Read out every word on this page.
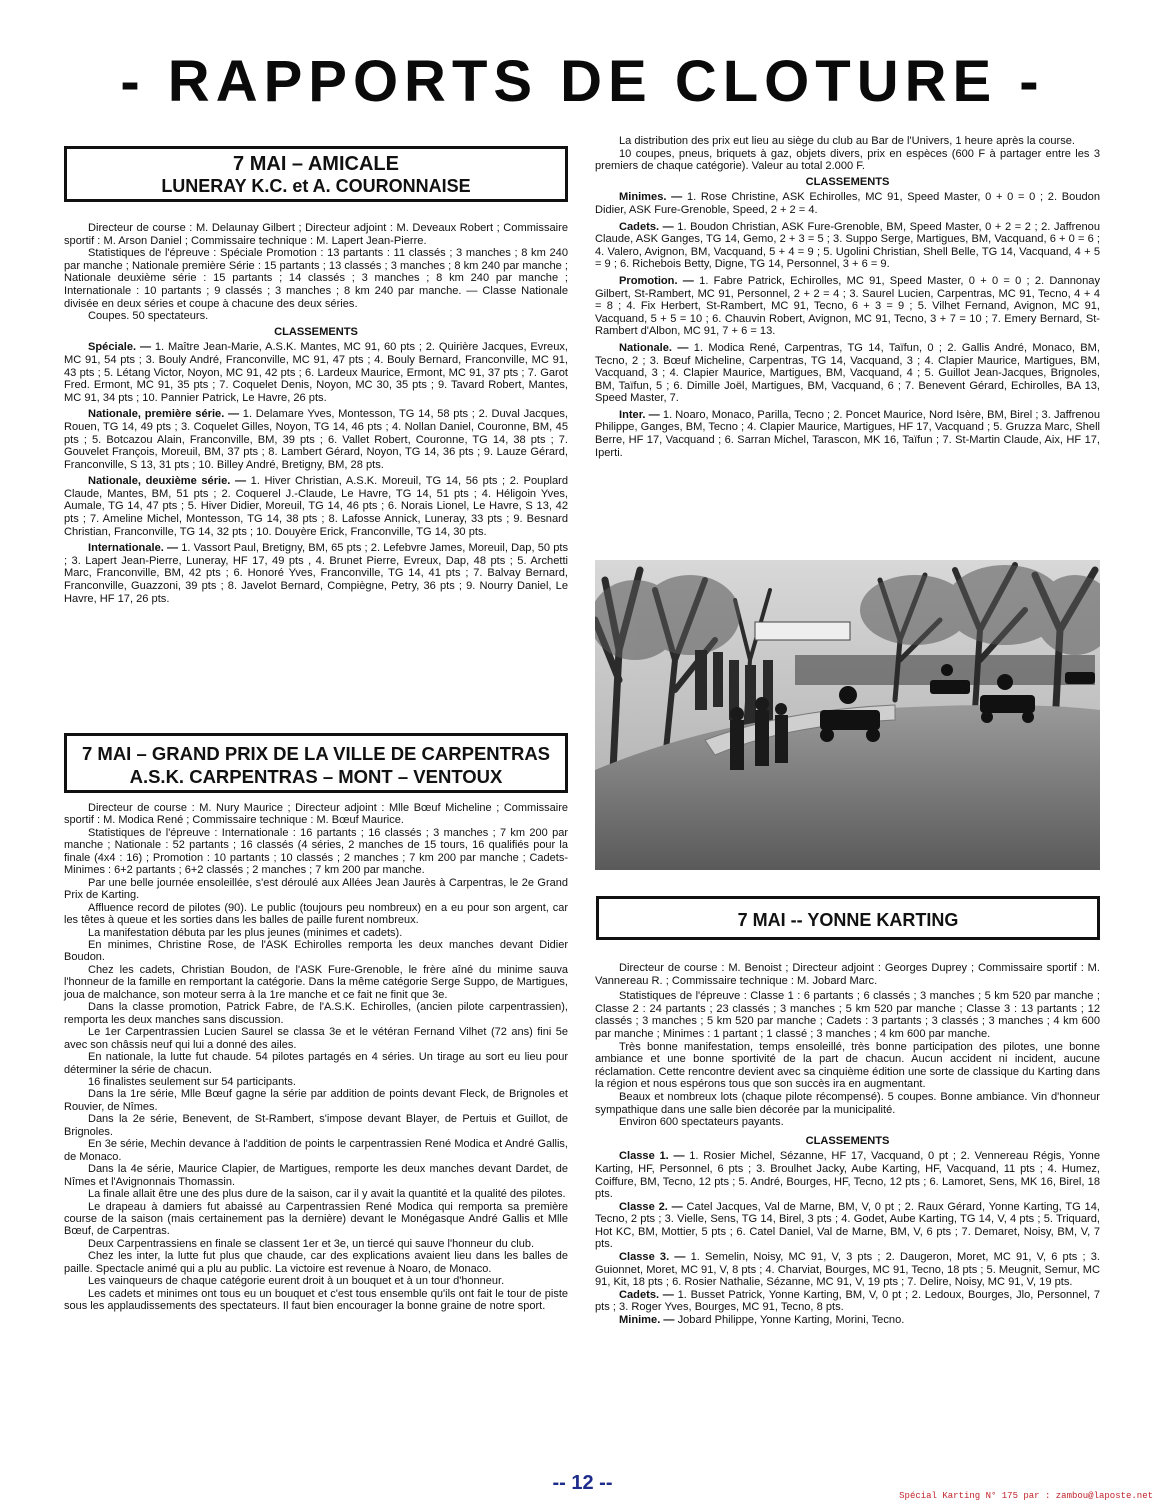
- RAPPORTS DE CLOTURE -
7 MAI – AMICALE
LUNERAY K.C. et A. COURONNAISE

Directeur de course : M. Delaunay Gilbert ; Directeur adjoint : M. Deveaux Robert ; Commissaire sportif : M. Arson Daniel ; Commissaire technique : M. Lapert Jean-Pierre.

Statistiques de l'épreuve : Spéciale Promotion : 13 partants : 11 classés ; 3 manches ; 8 km 240 par manche ; Nationale première Série : 15 partants ; 13 classés ; 3 manches ; 8 km 240 par manche ; Nationale deuxième série : 15 partants ; 14 classés ; 3 manches ; 8 km 240 par manche ; Internationale : 10 partants ; 9 classés ; 3 manches ; 8 km 240 par manche. — Classe Nationale divisée en deux séries et coupe à chacune des deux séries.

Coupes. 50 spectateurs.

CLASSEMENTS

Spéciale. — 1. Maître Jean-Marie, A.S.K. Mantes, MC 91, 60 pts ; 2. Quirière Jacques, Evreux, MC 91, 54 pts ; 3. Bouly André, Franconville, MC 91, 47 pts ; 4. Bouly Bernard, Franconville, MC 91, 43 pts ; 5. Létang Victor, Noyon, MC 91, 42 pts ; 6. Lardeux Maurice, Ermont, MC 91, 37 pts ; 7. Garot Fred. Ermont, MC 91, 35 pts ; 7. Coquelet Denis, Noyon, MC 30, 35 pts ; 9. Tavard Robert, Mantes, MC 91, 34 pts ; 10. Pannier Patrick, Le Havre, 26 pts.

Nationale, première série. — 1. Delamare Yves, Montesson, TG 14, 58 pts ; 2. Duval Jacques, Rouen, TG 14, 49 pts ; 3. Coquelet Gilles, Noyon, TG 14, 46 pts ; 4. Nollan Daniel, Couronne, BM, 45 pts ; 5. Botcazou Alain, Franconville, BM, 39 pts ; 6. Vallet Robert, Couronne, TG 14, 38 pts ; 7. Gouvelet François, Moreuil, BM, 37 pts ; 8. Lambert Gérard, Noyon, TG 14, 36 pts ; 9. Lauze Gérard, Franconville, S 13, 31 pts ; 10. Billey André, Bretigny, BM, 28 pts.

Nationale, deuxième série. — 1. Hiver Christian, A.S.K. Moreuil, TG 14, 56 pts ; 2. Pouplard Claude, Mantes, BM, 51 pts ; 2. Coquerel J.-Claude, Le Havre, TG 14, 51 pts ; 4. Héligoin Yves, Aumale, TG 14, 47 pts ; 5. Hiver Didier, Moreuil, TG 14, 46 pts ; 6. Norais Lionel, Le Havre, S 13, 42 pts ; 7. Ameline Michel, Montesson, TG 14, 38 pts ; 8. Lafosse Annick, Luneray, 33 pts ; 9. Besnard Christian, Franconville, TG 14, 32 pts ; 10. Douyère Erick, Franconville, TG 14, 30 pts.

Internationale. — 1. Vassort Paul, Bretigny, BM, 65 pts ; 2. Lefebvre James, Moreuil, Dap, 50 pts ; 3. Lapert Jean-Pierre, Luneray, HF 17, 49 pts , 4. Brunet Pierre, Evreux, Dap, 48 pts ; 5. Archetti Marc, Franconville, BM, 42 pts ; 6. Honoré Yves, Franconville, TG 14, 41 pts ; 7. Balvay Bernard, Franconville, Guazzoni, 39 pts ; 8. Javelot Bernard, Compiègne, Petry, 36 pts ; 9. Nourry Daniel, Le Havre, HF 17, 26 pts.

7 MAI – GRAND PRIX DE LA VILLE DE CARPENTRAS
A.S.K. CARPENTRAS – MONT – VENTOUX

Directeur de course : M. Nury Maurice ; Directeur adjoint : Mlle Bœuf Micheline ; Commissaire sportif : M. Modica René ; Commissaire technique : M. Bœuf Maurice.

Statistiques de l'épreuve : Internationale : 16 partants ; 16 classés ; 3 manches ; 7 km 200 par manche ; Nationale : 52 partants ; 16 classés (4 séries, 2 manches de 15 tours, 16 qualifiés pour la finale (4x4 : 16) ; Promotion : 10 partants ; 10 classés ; 2 manches ; 7 km 200 par manche ; Cadets-Minimes : 6+2 partants ; 6+2 classés ; 2 manches ; 7 km 200 par manche.

Par une belle journée ensoleillée, s'est déroulé aux Allées Jean Jaurès à Carpentras, le 2e Grand Prix de Karting.

Affluence record de pilotes (90). Le public (toujours peu nombreux) en a eu pour son argent, car les têtes à queue et les sorties dans les balles de paille furent nombreux.

La manifestation débuta par les plus jeunes (minimes et cadets).

En minimes, Christine Rose, de l'ASK Echirolles remporta les deux manches devant Didier Boudon.

Chez les cadets, Christian Boudon, de l'ASK Fure-Grenoble, le frère aîné du minime sauva l'honneur de la famille en remportant la catégorie. Dans la même catégorie Serge Suppo, de Martigues, joua de malchance, son moteur serra à la 1re manche et ce fait ne finit que 3e.

Dans la classe promotion, Patrick Fabre, de l'A.S.K. Echirolles, (ancien pilote carpentrassien), remporta les deux manches sans discussion.

Le 1er Carpentrassien Lucien Saurel se classa 3e et le vétéran Fernand Vilhet (72 ans) fini 5e avec son châssis neuf qui lui a donné des ailes.

En nationale, la lutte fut chaude. 54 pilotes partagés en 4 séries. Un tirage au sort eu lieu pour déterminer la série de chacun.

16 finalistes seulement sur 54 participants.

Dans la 1re série, Mlle Bœuf gagne la série par addition de points devant Fleck, de Brignoles et Rouvier, de Nîmes.

Dans la 2e série, Benevent, de St-Rambert, s'impose devant Blayer, de Pertuis et Guillot, de Brignoles.

En 3e série, Mechin devance à l'addition de points le carpentrassien René Modica et André Gallis, de Monaco.

Dans la 4e série, Maurice Clapier, de Martigues, remporte les deux manches devant Dardet, de Nîmes et l'Avignonnais Thomassin.

La finale allait être une des plus dure de la saison, car il y avait la quantité et la qualité des pilotes.

Le drapeau à damiers fut abaissé au Carpentrassien René Modica qui remporta sa première course de la saison (mais certainement pas la dernière) devant le Monégasque André Gallis et Mlle Bœuf, de Carpentras.

Deux Carpentrassiens en finale se classent 1er et 3e, un tiercé qui sauve l'honneur du club.

Chez les inter, la lutte fut plus que chaude, car des explications avaient lieu dans les balles de paille. Spectacle animé qui a plu au public. La victoire est revenue à Noaro, de Monaco.

Les vainqueurs de chaque catégorie eurent droit à un bouquet et à un tour d'honneur.

Les cadets et minimes ont tous eu un bouquet et c'est tous ensemble qu'ils ont fait le tour de piste sous les applaudissements des spectateurs. Il faut bien encourager la bonne graine de notre sport.

La distribution des prix eut lieu au siège du club au Bar de l'Univers, 1 heure après la course.

10 coupes, pneus, briquets à gaz, objets divers, prix en espèces (600 F à partager entre les 3 premiers de chaque catégorie). Valeur au total 2.000 F.

CLASSEMENTS

Minimes. — 1. Rose Christine, ASK Echirolles, MC 91, Speed Master, 0 + 0 = 0 ; 2. Boudon Didier, ASK Fure-Grenoble, Speed, 2 + 2 = 4.

Cadets. — 1. Boudon Christian, ASK Fure-Grenoble, BM, Speed Master, 0 + 2 = 2 ; 2. Jaffrenou Claude, ASK Ganges, TG 14, Gemo, 2 + 3 = 5 ; 3. Suppo Serge, Martigues, BM, Vacquand, 6 + 0 = 6 ; 4. Valero, Avignon, BM, Vacquand, 5 + 4 = 9 ; 5. Ugolini Christian, Shell Belle, TG 14, Vacquand, 4 + 5 = 9 ; 6. Richebois Betty, Digne, TG 14, Personnel, 3 + 6 = 9.

Promotion. — 1. Fabre Patrick, Echirolles, MC 91, Speed Master, 0 + 0 = 0 ; 2. Dannonay Gilbert, St-Rambert, MC 91, Personnel, 2 + 2 = 4 ; 3. Saurel Lucien, Carpentras, MC 91, Tecno, 4 + 4 = 8 ; 4. Fix Herbert, St-Rambert, MC 91, Tecno, 6 + 3 = 9 ; 5. Vilhet Fernand, Avignon, MC 91, Vacquand, 5 + 5 = 10 ; 6. Chauvin Robert, Avignon, MC 91, Tecno, 3 + 7 = 10 ; 7. Emery Bernard, St-Rambert d'Albon, MC 91, 7 + 6 = 13.

Nationale. — 1. Modica René, Carpentras, TG 14, Taïfun, 0 ; 2. Gallis André, Monaco, BM, Tecno, 2 ; 3. Bœuf Micheline, Carpentras, TG 14, Vacquand, 3 ; 4. Clapier Maurice, Martigues, BM, Vacquand, 3 ; 4. Clapier Maurice, Martigues, BM, Vacquand, 4 ; 5. Guillot Jean-Jacques, Brignoles, BM, Taïfun, 5 ; 6. Dimille Joël, Martigues, BM, Vacquand, 6 ; 7. Benevent Gérard, Echirolles, BA 13, Speed Master, 7.

Inter. — 1. Noaro, Monaco, Parilla, Tecno ; 2. Poncet Maurice, Nord Isère, BM, Birel ; 3. Jaffrenou Philippe, Ganges, BM, Tecno ; 4. Clapier Maurice, Martigues, HF 17, Vacquand ; 5. Gruzza Marc, Shell Berre, HF 17, Vacquand ; 6. Sarran Michel, Tarascon, MK 16, Taïfun ; 7. St-Martin Claude, Aix, HF 17, Iperti.

7 MAI -- YONNE KARTING

Directeur de course : M. Benoist ; Directeur adjoint : Georges Duprey ; Commissaire sportif : M. Vannereau R. ; Commissaire technique : M. Jobard Marc.

Statistiques de l'épreuve : Classe 1 : 6 partants ; 6 classés ; 3 manches ; 5 km 520 par manche ; Classe 2 : 24 partants ; 23 classés ; 3 manches ; 5 km 520 par manche ; Classe 3 : 13 partants ; 12 classés ; 3 manches ; 5 km 520 par manche ; Cadets : 3 partants ; 3 classés ; 3 manches ; 4 km 600 par manche ; Minimes : 1 partant ; 1 classé ; 3 manches ; 4 km 600 par manche.

Très bonne manifestation, temps ensoleillé, très bonne participation des pilotes, une bonne ambiance et une bonne sportivité de la part de chacun. Aucun accident ni incident, aucune réclamation. Cette rencontre devient avec sa cinquième édition une sorte de classique du Karting dans la région et nous espérons tous que son succès ira en augmentant.

Beaux et nombreux lots (chaque pilote récompensé). 5 coupes. Bonne ambiance. Vin d'honneur sympathique dans une salle bien décorée par la municipalité.

Environ 600 spectateurs payants.

CLASSEMENTS

Classe 1. — 1. Rosier Michel, Sézanne, HF 17, Vacquand, 0 pt ; 2. Vennereau Régis, Yonne Karting, HF, Personnel, 6 pts ; 3. Broulhet Jacky, Aube Karting, HF, Vacquand, 11 pts ; 4. Humez, Coiffure, BM, Tecno, 12 pts ; 5. André, Bourges, HF, Tecno, 12 pts ; 6. Lamoret, Sens, MK 16, Birel, 18 pts.

Classe 2. — Catel Jacques, Val de Marne, BM, V, 0 pt ; 2. Raux Gérard, Yonne Karting, TG 14, Tecno, 2 pts ; 3. Vielle, Sens, TG 14, Birel, 3 pts ; 4. Godet, Aube Karting, TG 14, V, 4 pts ; 5. Triquard, Hot KC, BM, Mottier, 5 pts ; 6. Catel Daniel, Val de Marne, BM, V, 6 pts ; 7. Demaret, Noisy, BM, V, 7 pts.

Classe 3. — 1. Semelin, Noisy, MC 91, V, 3 pts ; 2. Daugeron, Moret, MC 91, V, 6 pts ; 3. Guionnet, Moret, MC 91, V, 8 pts ; 4. Charviat, Bourges, MC 91, Tecno, 18 pts ; 5. Meugnit, Semur, MC 91, Kit, 18 pts ; 6. Rosier Nathalie, Sézanne, MC 91, V, 19 pts ; 7. Delire, Noisy, MC 91, V, 19 pts.

Cadets. — 1. Busset Patrick, Yonne Karting, BM, V, 0 pt ; 2. Ledoux, Bourges, Jlo, Personnel, 7 pts ; 3. Roger Yves, Bourges, MC 91, Tecno, 8 pts.

Minime. — Jobard Philippe, Yonne Karting, Morini, Tecno.

-- 12 --
Spécial Karting N° 175 par : zambou@laposte.net
